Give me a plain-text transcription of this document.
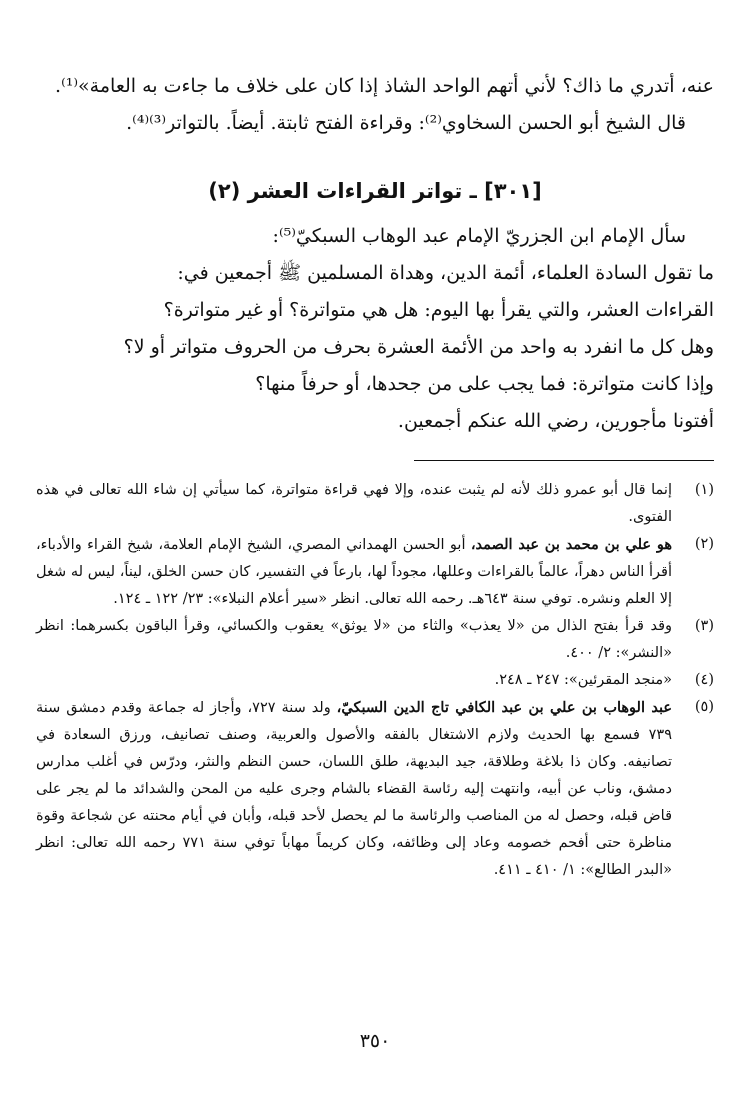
عنه، أتدري ما ذاك؟ لأني أتهم الواحد الشاذ إذا كان على خلاف ما جاءت به العامة»⁽¹⁾.

قال الشيخ أبو الحسن السخاوي⁽²⁾: وقراءة الفتح ثابتة. أيضاً. بالتواتر⁽³⁾⁽⁴⁾.

[٣٠١] ـ تواتر القراءات العشر (٢)

سأل الإمام ابن الجزريّ الإمام عبد الوهاب السبكيّ⁽⁵⁾:

ما تقول السادة العلماء، أئمة الدين، وهداة المسلمين ﷺ أجمعين في:

القراءات العشر، والتي يقرأ بها اليوم: هل هي متواترة؟ أو غير متواترة؟

وهل كل ما انفرد به واحد من الأئمة العشرة بحرف من الحروف متواتر أو لا؟

وإذا كانت متواترة: فما يجب على من جحدها، أو حرفاً منها؟

أفتونا مأجورين، رضي الله عنكم أجمعين.

(١)
إنما قال أبو عمرو ذلك لأنه لم يثبت عنده، وإلا فهي قراءة متواترة، كما سيأتي إن شاء الله تعالى في هذه الفتوى.
(٢)
هو علي بن محمد بن عبد الصمد، أبو الحسن الهمداني المصري، الشيخ الإمام العلامة، شيخ القراء والأدباء، أقرأ الناس دهراً، عالماً بالقراءات وعللها، مجوداً لها، بارعاً في التفسير، كان حسن الخلق، ليناً، ليس له شغل إلا العلم ونشره. توفي سنة ٦٤٣هـ. رحمه الله تعالى. انظر «سير أعلام النبلاء»: ٢٣/ ١٢٢ ـ ١٢٤.
(٣)
وقد قرأ بفتح الذال من «لا يعذب» والثاء من «لا يوثق» يعقوب والكسائي، وقرأ الباقون بكسرهما: انظر «النشر»: ٢/ ٤٠٠.
(٤)
«منجد المقرئين»: ٢٤٧ ـ ٢٤٨.
(٥)
عبد الوهاب بن علي بن عبد الكافي تاج الدين السبكيّ، ولد سنة ٧٢٧، وأجاز له جماعة وقدم دمشق سنة ٧٣٩ فسمع بها الحديث ولازم الاشتغال بالفقه والأصول والعربية، وصنف تصانيف، ورزق السعادة في تصانيفه. وكان ذا بلاغة وطلاقة، جيد البديهة، طلق اللسان، حسن النظم والنثر، ودرّس في أغلب مدارس دمشق، وناب عن أبيه، وانتهت إليه رئاسة القضاء بالشام وجرى عليه من المحن والشدائد ما لم يجر على قاض قبله، وحصل له من المناصب والرئاسة ما لم يحصل لأحد قبله، وأبان في أيام محنته عن شجاعة وقوة مناظرة حتى أفحم خصومه وعاد إلى وظائفه، وكان كريماً مهاباً توفي سنة ٧٧١ رحمه الله تعالى: انظر «البدر الطالع»: ١/ ٤١٠ ـ ٤١١.
٣٥٠
